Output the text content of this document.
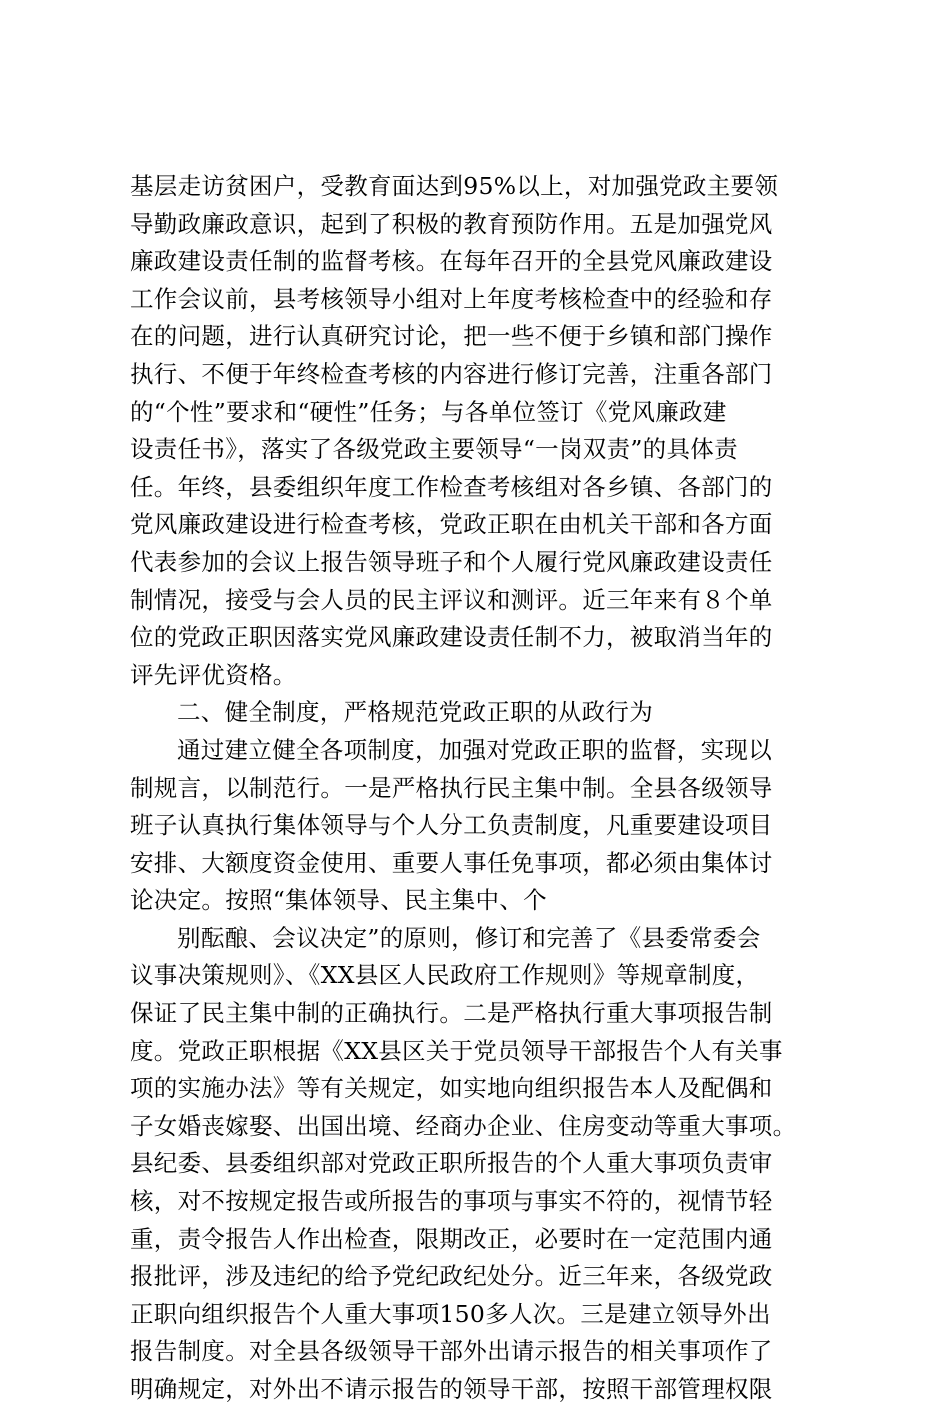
基层走访贫困户，受教育面达到95%以上，对加强党政主要领
导勤政廉政意识，起到了积极的教育预防作用。五是加强党风
廉政建设责任制的监督考核。在每年召开的全县党风廉政建设
工作会议前，县考核领导小组对上年度考核检查中的经验和存
在的问题，进行认真研究讨论，把一些不便于乡镇和部门操作
执行、不便于年终检查考核的内容进行修订完善，注重各部门
的“个性”要求和“硬性”任务；与各单位签订《党风廉政建
设责任书》，落实了各级党政主要领导“一岗双责”的具体责
任。年终，县委组织年度工作检查考核组对各乡镇、各部门的
党风廉政建设进行检查考核，党政正职在由机关干部和各方面
代表参加的会议上报告领导班子和个人履行党风廉政建设责任
制情况，接受与会人员的民主评议和测评。近三年来有８个单
位的党政正职因落实党风廉政建设责任制不力，被取消当年的
评先评优资格。
二、健全制度，严格规范党政正职的从政行为
通过建立健全各项制度，加强对党政正职的监督，实现以
制规言，以制范行。一是严格执行民主集中制。全县各级领导
班子认真执行集体领导与个人分工负责制度，凡重要建设项目
安排、大额度资金使用、重要人事任免事项，都必须由集体讨
论决定。按照“集体领导、民主集中、个
别酝酿、会议决定”的原则，修订和完善了《县委常委会
议事决策规则》、《XX县区人民政府工作规则》等规章制度，
保证了民主集中制的正确执行。二是严格执行重大事项报告制
度。党政正职根据《XX县区关于党员领导干部报告个人有关事
项的实施办法》等有关规定，如实地向组织报告本人及配偶和
子女婚丧嫁娶、出国出境、经商办企业、住房变动等重大事项。
县纪委、县委组织部对党政正职所报告的个人重大事项负责审
核，对不按规定报告或所报告的事项与事实不符的，视情节轻
重，责令报告人作出检查，限期改正，必要时在一定范围内通
报批评，涉及违纪的给予党纪政纪处分。近三年来，各级党政
正职向组织报告个人重大事项150多人次。三是建立领导外出
报告制度。对全县各级领导干部外出请示报告的相关事项作了
明确规定，对外出不请示报告的领导干部，按照干部管理权限
